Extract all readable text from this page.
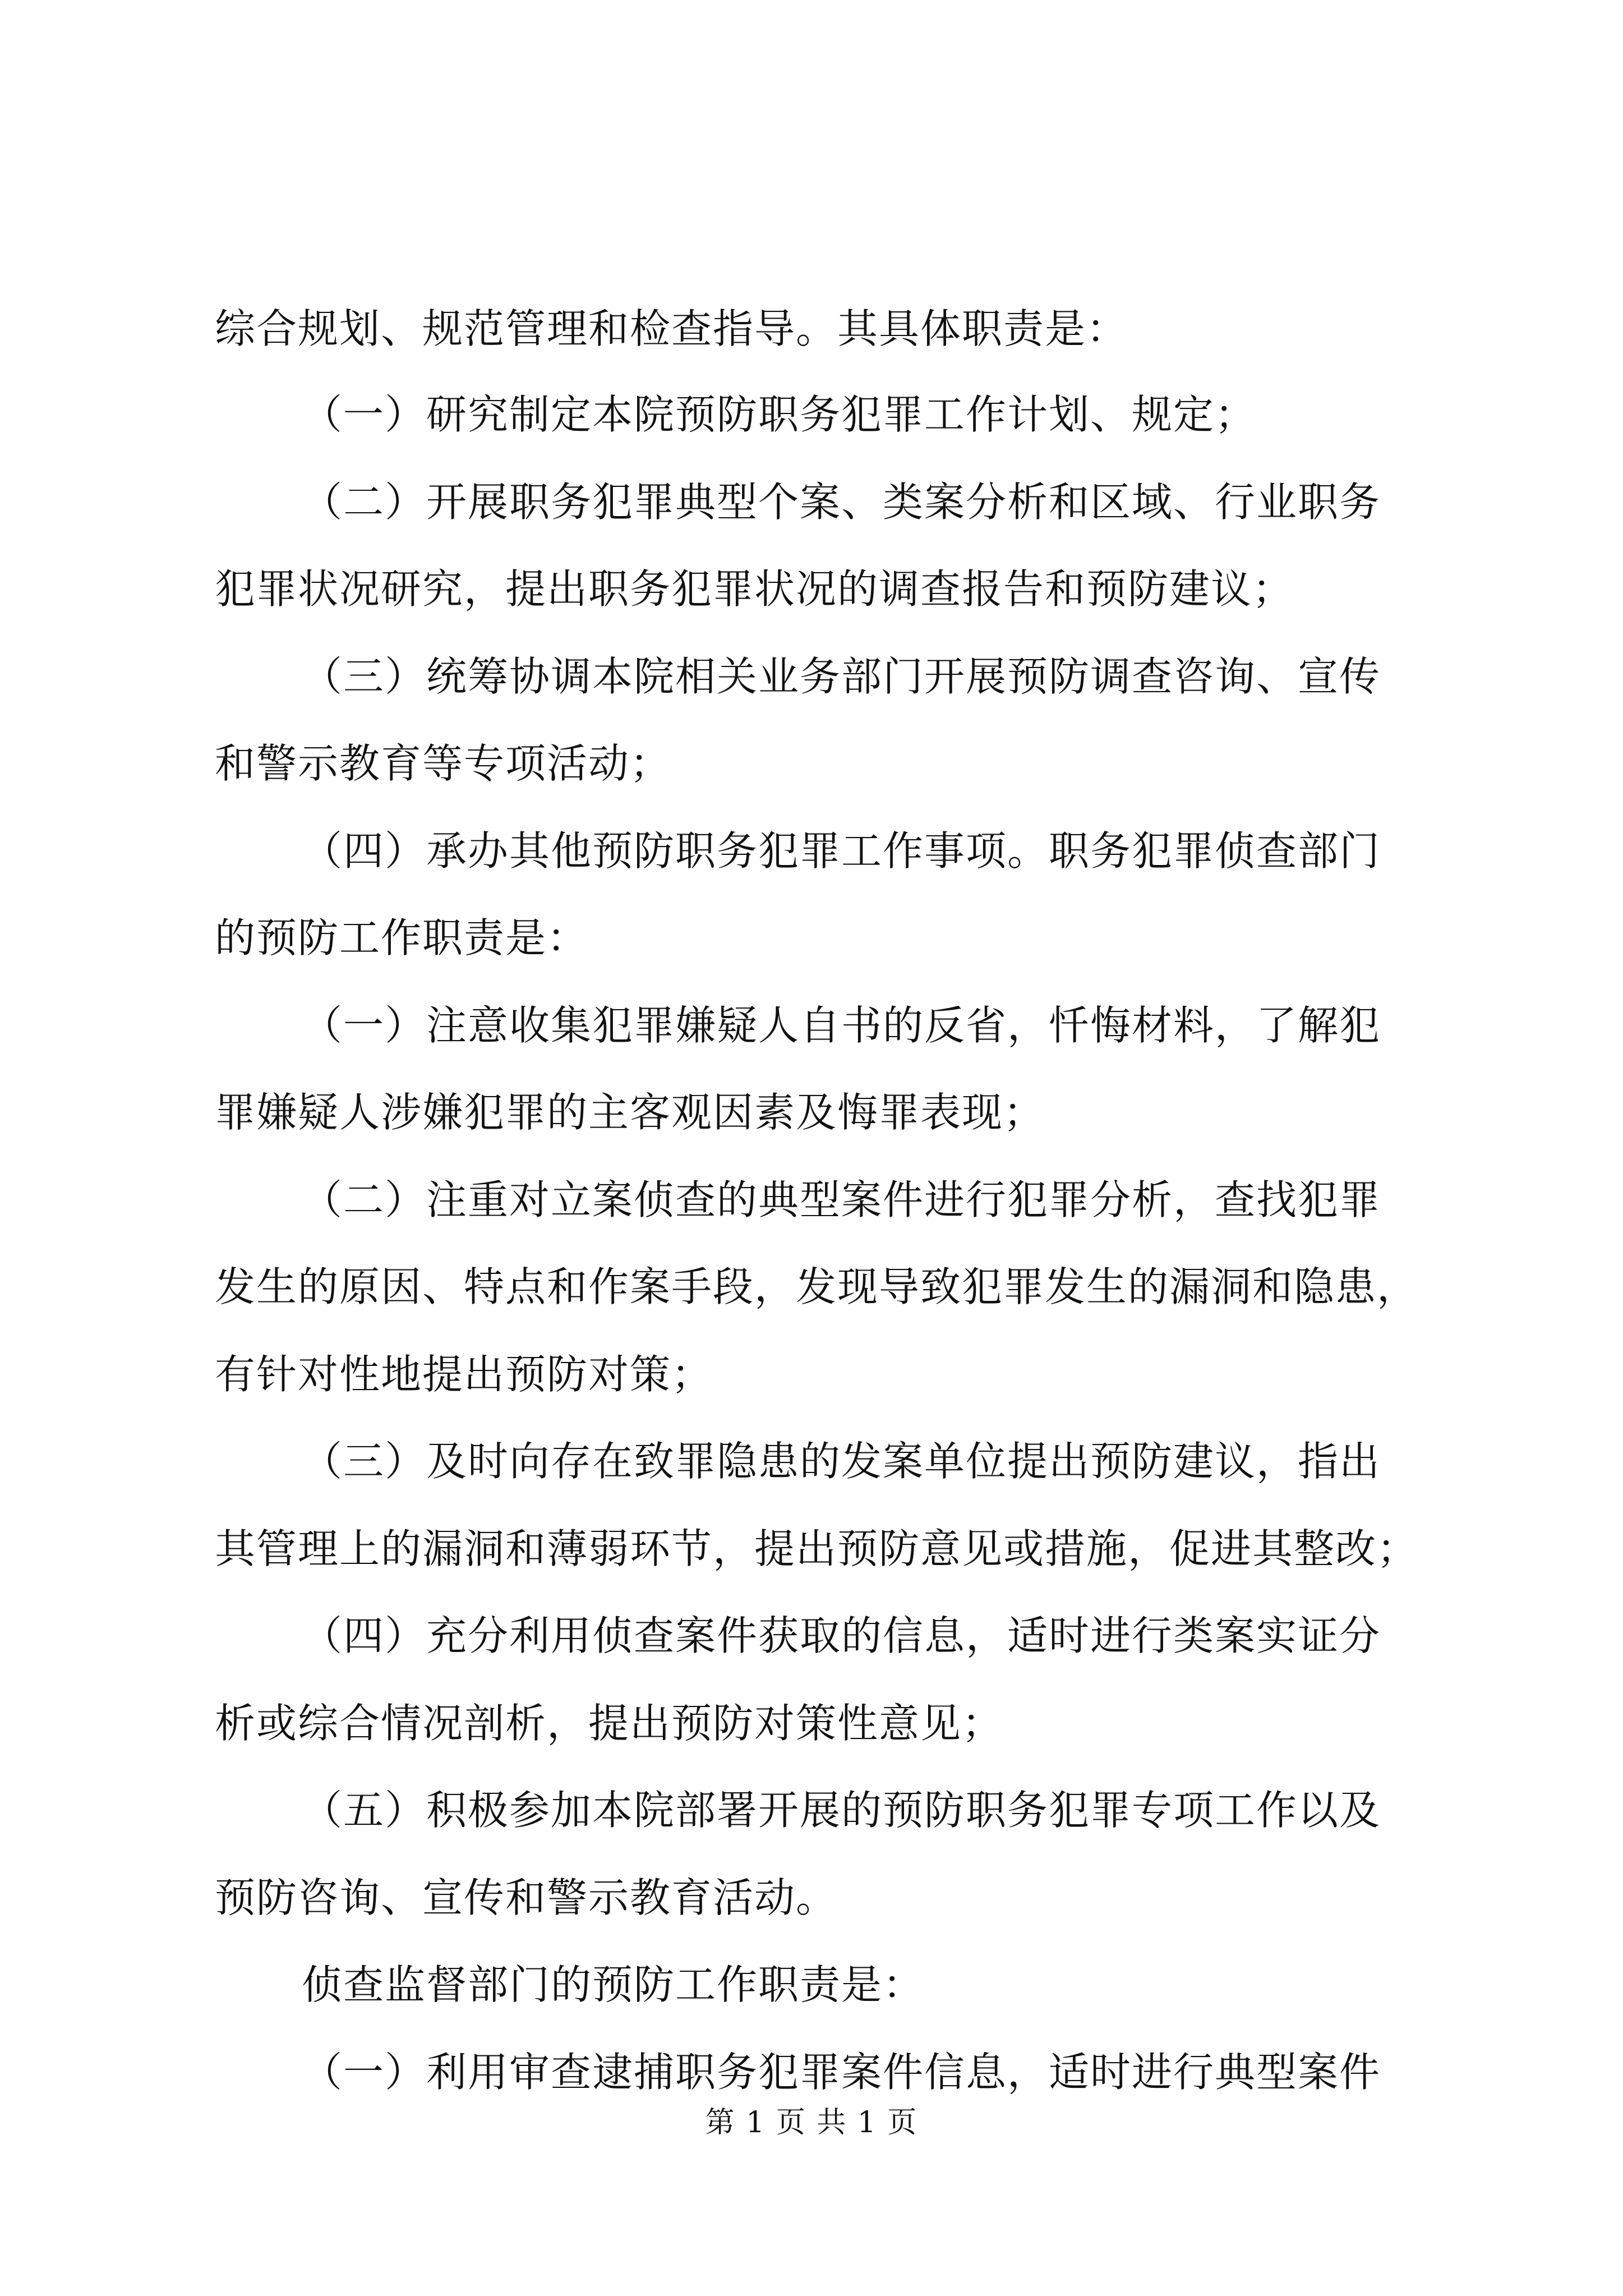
综合规划、规范管理和检查指导。其具体职责是：
（一）研究制定本院预防职务犯罪工作计划、规定；
（二）开展职务犯罪典型个案、类案分析和区域、行业职务
犯罪状况研究，提出职务犯罪状况的调查报告和预防建议；
（三）统筹协调本院相关业务部门开展预防调查咨询、宣传
和警示教育等专项活动；
（四）承办其他预防职务犯罪工作事项。职务犯罪侦查部门
的预防工作职责是：
（一）注意收集犯罪嫌疑人自书的反省，忏悔材料，了解犯
罪嫌疑人涉嫌犯罪的主客观因素及悔罪表现；
（二）注重对立案侦查的典型案件进行犯罪分析，查找犯罪
发生的原因、特点和作案手段，发现导致犯罪发生的漏洞和隐患，
有针对性地提出预防对策；
（三）及时向存在致罪隐患的发案单位提出预防建议，指出
其管理上的漏洞和薄弱环节，提出预防意见或措施，促进其整改；
（四）充分利用侦查案件获取的信息，适时进行类案实证分
析或综合情况剖析，提出预防对策性意见；
（五）积极参加本院部署开展的预防职务犯罪专项工作以及
预防咨询、宣传和警示教育活动。
侦查监督部门的预防工作职责是：
（一）利用审查逮捕职务犯罪案件信息，适时进行典型案件
第 1 页 共 1 页
